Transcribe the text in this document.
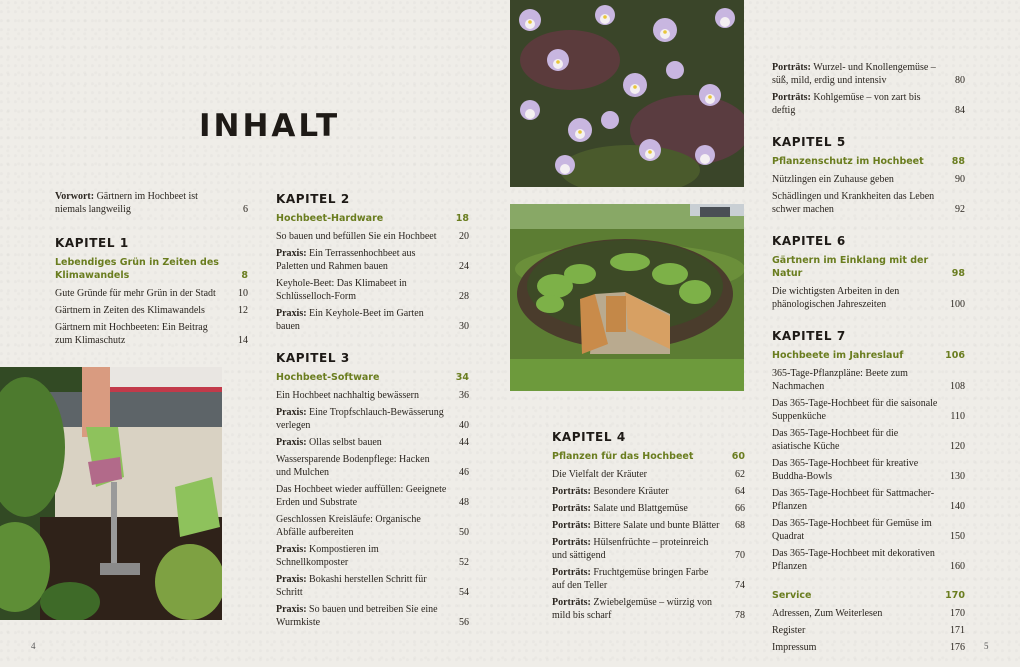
INHALT
Vorwort: Gärtnern im Hochbeet ist niemals langweilig	6
KAPITEL 1
Lebendiges Grün in Zeiten des Klimawandels	8
Gute Gründe für mehr Grün in der Stadt	10
Gärtnern in Zeiten des Klimawandels	12
Gärtnern mit Hochbeeten: Ein Beitrag zum Klimaschutz	14
KAPITEL 2
Hochbeet-Hardware	18
So bauen und befüllen Sie ein Hochbeet	20
Praxis: Ein Terrassenhochbeet aus Paletten und Rahmen bauen	24
Keyhole-Beet: Das Klimabeet in Schlüsselloch-Form	28
Praxis: Ein Keyhole-Beet im Garten bauen	30
KAPITEL 3
Hochbeet-Software	34
Ein Hochbeet nachhaltig bewässern	36
Praxis: Eine Tropfschlauch-Bewässerung verlegen	40
Praxis: Ollas selbst bauen	44
Wassersparende Bodenpflege: Hacken und Mulchen	46
Das Hochbeet wieder auffüllen: Geeignete Erden und Substrate	48
Geschlossen Kreisläufe: Organische Abfälle aufbereiten	50
Praxis: Kompostieren im Schnellkomposter	52
Praxis: Bokashi herstellen Schritt für Schritt	54
Praxis: So bauen und betreiben Sie eine Wurmkiste	56
KAPITEL 4
Pflanzen für das Hochbeet	60
Die Vielfalt der Kräuter	62
Porträts: Besondere Kräuter	64
Porträts: Salate und Blattgemüse	66
Porträts: Bittere Salate und bunte Blätter	68
Porträts: Hülsenfrüchte – proteinreich und sättigend	70
Porträts: Fruchtgemüse bringen Farbe auf den Teller	74
Porträts: Zwiebelgemüse – würzig von mild bis scharf	78
Porträts: Wurzel- und Knollengemüse – süß, mild, erdig und intensiv	80
Porträts: Kohlgemüse – von zart bis deftig	84
KAPITEL 5
Pflanzenschutz im Hochbeet	88
Nützlingen ein Zuhause geben	90
Schädlingen und Krankheiten das Leben schwer machen	92
KAPITEL 6
Gärtnern im Einklang mit der Natur	98
Die wichtigsten Arbeiten in den phänologischen Jahreszeiten	100
KAPITEL 7
Hochbeete im Jahreslauf	106
365-Tage-Pflanzpläne: Beete zum Nachmachen	108
Das 365-Tage-Hochbeet für die saisonale Suppenküche	110
Das 365-Tage-Hochbeet für die asiatische Küche	120
Das 365-Tage-Hochbeet für kreative Buddha-Bowls	130
Das 365-Tage-Hochbeet für Sattmacher-Pflanzen	140
Das 365-Tage-Hochbeet für Gemüse im Quadrat	150
Das 365-Tage-Hochbeet mit dekorativen Pflanzen	160
Service	170
Adressen, Zum Weiterlesen	170
Register	171
Impressum	176
4	5
